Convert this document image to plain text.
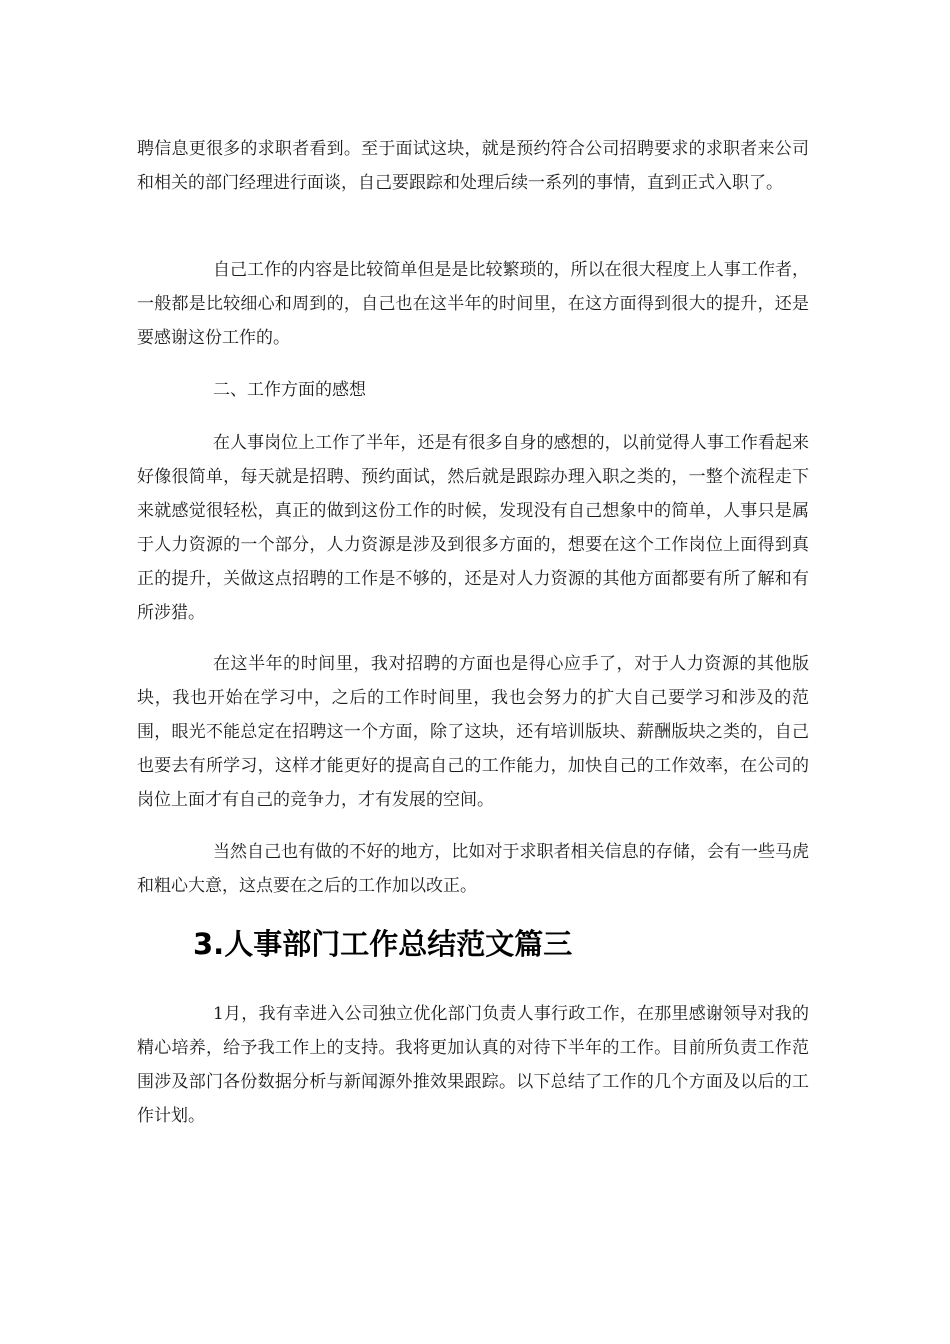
聘信息更很多的求职者看到。至于面试这块，就是预约符合公司招聘要求的求职者来公司和相关的部门经理进行面谈，自己要跟踪和处理后续一系列的事情，直到正式入职了。

自己工作的内容是比较简单但是是比较繁琐的，所以在很大程度上人事工作者，一般都是比较细心和周到的，自己也在这半年的时间里，在这方面得到很大的提升，还是要感谢这份工作的。

二、工作方面的感想

在人事岗位上工作了半年，还是有很多自身的感想的，以前觉得人事工作看起来好像很简单，每天就是招聘、预约面试，然后就是跟踪办理入职之类的，一整个流程走下来就感觉很轻松，真正的做到这份工作的时候，发现没有自己想象中的简单，人事只是属于人力资源的一个部分，人力资源是涉及到很多方面的，想要在这个工作岗位上面得到真正的提升，关做这点招聘的工作是不够的，还是对人力资源的其他方面都要有所了解和有所涉猎。

在这半年的时间里，我对招聘的方面也是得心应手了，对于人力资源的其他版块，我也开始在学习中，之后的工作时间里，我也会努力的扩大自己要学习和涉及的范围，眼光不能总定在招聘这一个方面，除了这块，还有培训版块、薪酬版块之类的，自己也要去有所学习，这样才能更好的提高自己的工作能力，加快自己的工作效率，在公司的岗位上面才有自己的竞争力，才有发展的空间。

当然自己也有做的不好的地方，比如对于求职者相关信息的存储，会有一些马虎和粗心大意，这点要在之后的工作加以改正。

3.人事部门工作总结范文篇三

1月，我有幸进入公司独立优化部门负责人事行政工作，在那里感谢领导对我的精心培养，给予我工作上的支持。我将更加认真的对待下半年的工作。目前所负责工作范围涉及部门各份数据分析与新闻源外推效果跟踪。以下总结了工作的几个方面及以后的工作计划。
